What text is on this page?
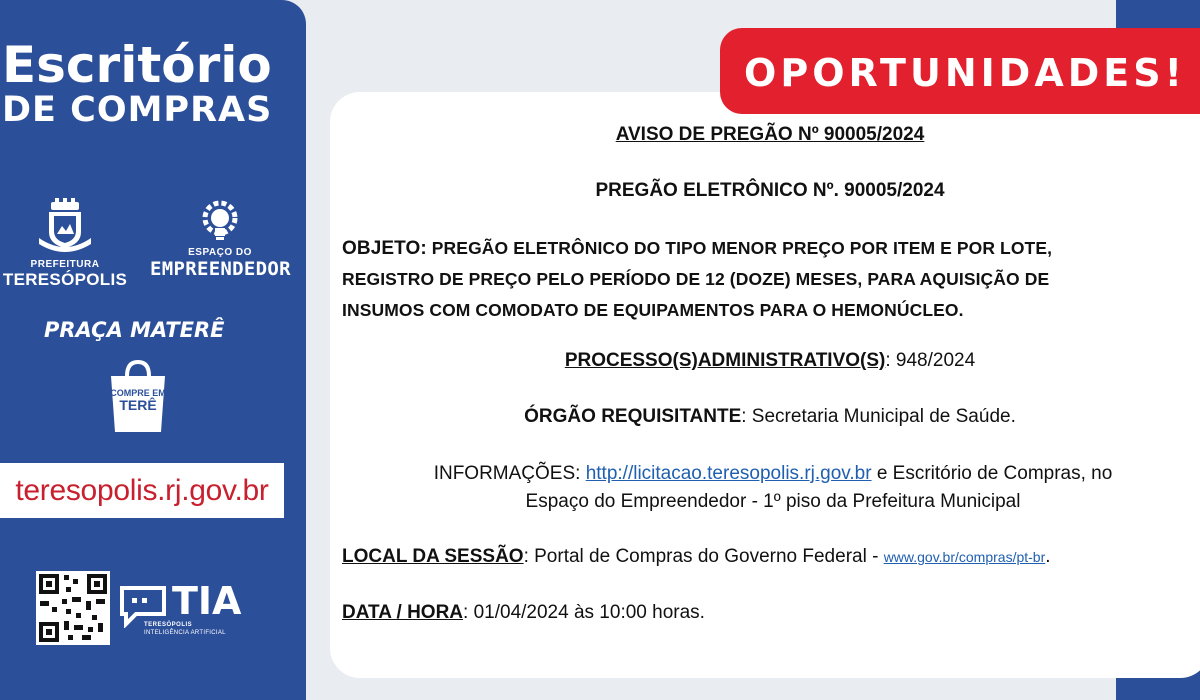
Escritório
DE COMPRAS
PREFEITURA
TERESÓPOLIS
ESPAÇO DO
EMPREENDEDOR
PRAÇA MATERÊ
COMPRE EM
TERÊ
teresopolis.rj.gov.br
TIA
TERESÓPOLIS
INTELIGÊNCIA ARTIFICIAL
OPORTUNIDADES!
AVISO DE PREGÃO Nº 90005/2024
PREGÃO ELETRÔNICO Nº. 90005/2024
OBJETO: PREGÃO ELETRÔNICO DO TIPO MENOR PREÇO POR ITEM E POR LOTE,
REGISTRO DE PREÇO PELO PERÍODO DE 12 (DOZE) MESES, PARA AQUISIÇÃO DE
INSUMOS COM COMODATO DE EQUIPAMENTOS PARA O HEMONÚCLEO.
PROCESSO(S)ADMINISTRATIVO(S): 948/2024
ÓRGÃO REQUISITANTE: Secretaria Municipal de Saúde.
INFORMAÇÕES: http://licitacao.teresopolis.rj.gov.br e Escritório de Compras, no
Espaço do Empreendedor - 1º piso da Prefeitura Municipal
LOCAL DA SESSÃO: Portal de Compras do Governo Federal - www.gov.br/compras/pt-br.
DATA / HORA: 01/04/2024 às 10:00 horas.
